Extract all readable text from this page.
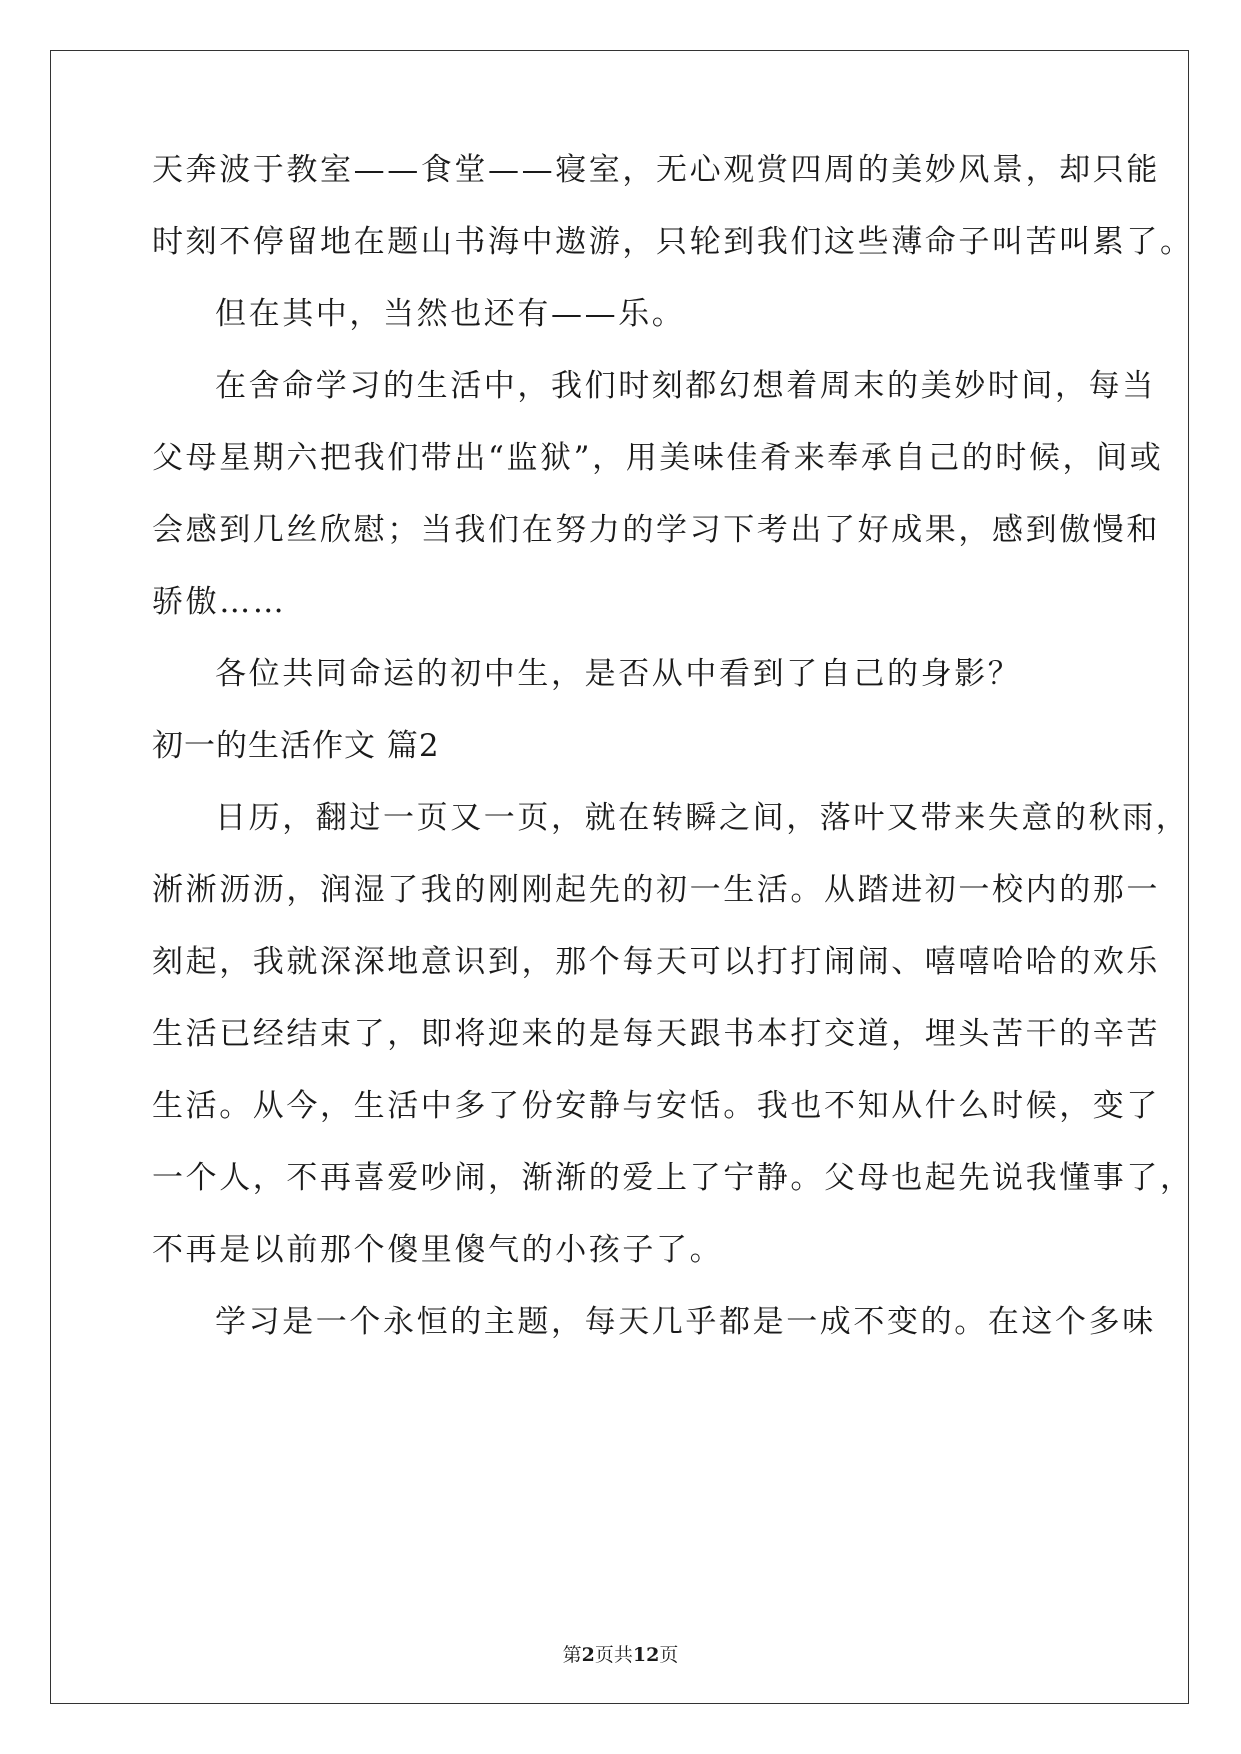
天奔波于教室——食堂——寝室，无心观赏四周的美妙风景，却只能
时刻不停留地在题山书海中遨游，只轮到我们这些薄命子叫苦叫累了。
但在其中，当然也还有——乐。
在舍命学习的生活中，我们时刻都幻想着周末的美妙时间，每当
父母星期六把我们带出“监狱”，用美味佳肴来奉承自己的时候，间或
会感到几丝欣慰；当我们在努力的学习下考出了好成果，感到傲慢和
骄傲……
各位共同命运的初中生，是否从中看到了自己的身影？
初一的生活作文 篇2
日历，翻过一页又一页，就在转瞬之间，落叶又带来失意的秋雨，
淅淅沥沥，润湿了我的刚刚起先的初一生活。从踏进初一校内的那一
刻起，我就深深地意识到，那个每天可以打打闹闹、嘻嘻哈哈的欢乐
生活已经结束了，即将迎来的是每天跟书本打交道，埋头苦干的辛苦
生活。从今，生活中多了份安静与安恬。我也不知从什么时候，变了
一个人，不再喜爱吵闹，渐渐的爱上了宁静。父母也起先说我懂事了，
不再是以前那个傻里傻气的小孩子了。
学习是一个永恒的主题，每天几乎都是一成不变的。在这个多味
第2页共12页
